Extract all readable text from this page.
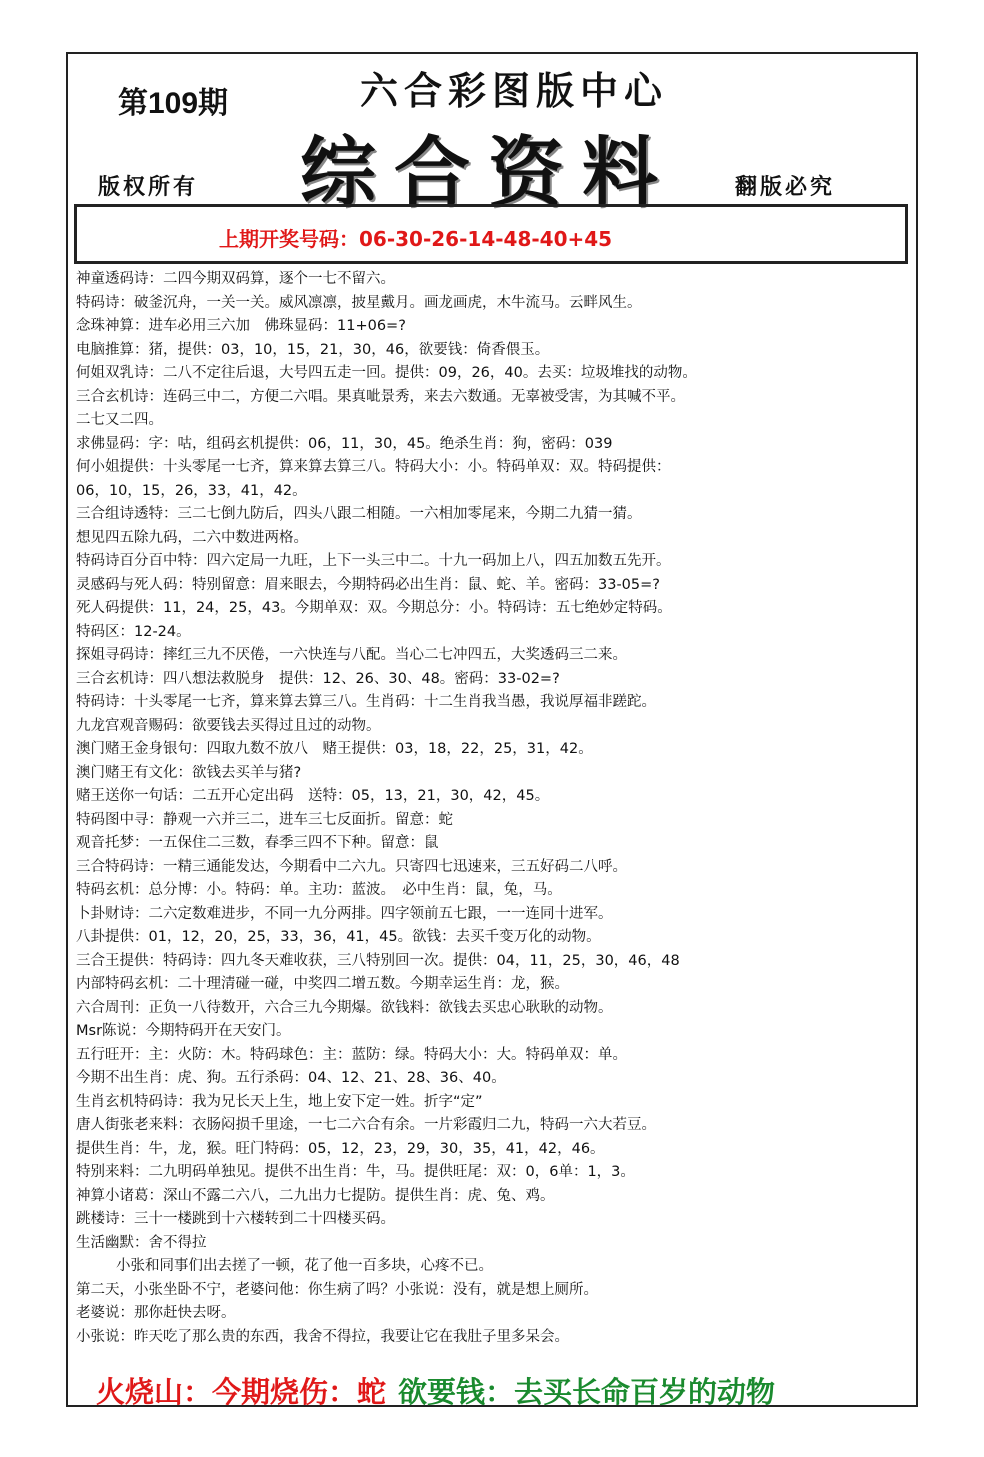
第109期	六合彩图版中心
综合资料
版权所有	翻版必究
上期开奖号码：06-30-26-14-48-40+45
神童透码诗：二四今期双码算，逐个一七不留六。
特码诗：破釜沉舟，一关一关。威风凛凛，披星戴月。画龙画虎，木牛流马。云畔风生。
念珠神算：进车必用三六加　佛珠显码：11+06=?
电脑推算：猪，提供：03，10，15，21，30，46，欲要钱：倚香偎玉。
何姐双乳诗：二八不定往后退，大号四五走一回。提供：09，26，40。去买：垃圾堆找的动物。
三合玄机诗：连码三中二，方便二六唱。果真呲景秀，来去六数通。无辜被受害，为其喊不平。
二七又二四。
求佛显码：字：咕，组码玄机提供：06，11，30，45。绝杀生肖：狗，密码：039
何小姐提供：十头零尾一七齐，算来算去算三八。特码大小：小。特码单双：双。特码提供：
06，10，15，26，33，41，42。
三合组诗透特：三二七倒九防后，四头八跟二相随。一六相加零尾来，今期二九猜一猜。
想见四五除九码，二六中数进两格。
特码诗百分百中特：四六定局一九旺，上下一头三中二。十九一码加上八，四五加数五先开。
灵感码与死人码：特别留意：眉来眼去，今期特码必出生肖：鼠、蛇、羊。密码：33-05=?
死人码提供：11，24，25，43。今期单双：双。今期总分：小。特码诗：五七绝妙定特码。
特码区：12-24。
探姐寻码诗：摔红三九不厌倦，一六快连与八配。当心二七冲四五，大奖透码三二来。
三合玄机诗：四八想法救脱身　提供：12、26、30、48。密码：33-02=?
特码诗：十头零尾一七齐，算来算去算三八。生肖码：十二生肖我当愚，我说厚福非蹉跎。
九龙宫观音赐码：欲要钱去买得过且过的动物。
澳门赌王金身银句：四取九数不放八　赌王提供：03，18，22，25，31，42。
澳门赌王有文化：欲钱去买羊与猪?
赌王送你一句话：二五开心定出码　送特：05，13，21，30，42，45。
特码图中寻：静观一六并三二，进车三七反面折。留意：蛇
观音托梦：一五保住二三数，春季三四不下种。留意：鼠
三合特码诗：一精三通能发达，今期看中二六九。只寄四七迅速来，三五好码二八呼。
特码玄机：总分博：小。特码：单。主功：蓝波。　必中生肖：鼠，兔，马。
卜卦财诗：二六定数难进步，不同一九分两排。四字领前五七跟，一一连同十进军。
八卦提供：01，12，20，25，33，36，41，45。欲钱：去买千变万化的动物。
三合王提供：特码诗：四九冬天难收获，三八特别回一次。提供：04，11，25，30，46，48
内部特码玄机：二十理清碰一碰，中奖四二增五数。今期幸运生肖：龙，猴。
六合周刊：正负一八待数开，六合三九今期爆。欲钱料：欲钱去买忠心耿耿的动物。
Msr陈说：今期特码开在天安门。
五行旺开：主：火防：木。特码球色：主：蓝防：绿。特码大小：大。特码单双：单。
今期不出生肖：虎、狗。五行杀码：04、12、21、28、36、40。
生肖玄机特码诗：我为兄长天上生，地上安下定一姓。折字“定”
唐人街张老来料：衣肠闷损千里途，一七二六合有余。一片彩霞归二九，特码一六大若豆。
提供生肖：牛，龙，猴。旺门特码：05，12，23，29，30，35，41，42，46。
特别来料：二九明码单独见。提供不出生肖：牛，马。提供旺尾：双：0，6单：1，3。
神算小诸葛：深山不露二六八，二九出力七提防。提供生肖：虎、兔、鸡。
跳楼诗：三十一楼跳到十六楼转到二十四楼买码。
生活幽默：舍不得拉
小张和同事们出去搓了一顿，花了他一百多块，心疼不已。
第二天，小张坐卧不宁，老婆问他：你生病了吗？小张说：没有，就是想上厕所。
老婆说：那你赶快去呀。
小张说：昨天吃了那么贵的东西，我舍不得拉，我要让它在我肚子里多呆会。
火烧山：今期烧伤：蛇 欲要钱：去买长命百岁的动物
